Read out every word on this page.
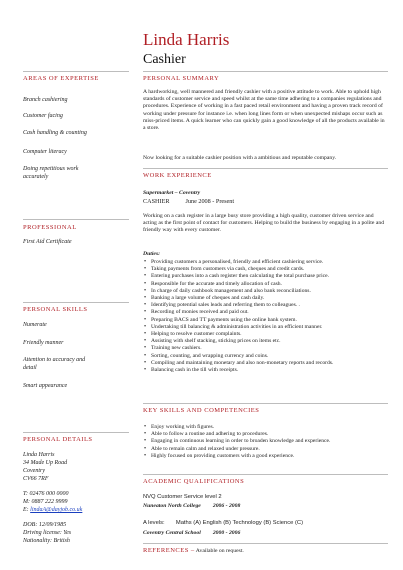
Linda Harris
Cashier
AREAS OF EXPERTISE
Branch cashiering
Customer facing
Cash handling & counting
Computer literacy
Doing repetitious work accurately
PROFESSIONAL
First Aid Certificate
PERSONAL SKILLS
Numerate
Friendly manner
Attention to accuracy and detail
Smart appearance
PERSONAL DETAILS
Linda Harris
34 Made Up Road
Coventry
CV66 7RF
T: 02476 000 0000
M: 0887 222 9999
E: lindaA@dayjob.co.uk
DOB: 12/09/1985
Driving license: Yes
Nationality: British
PERSONAL SUMMARY
A hardworking, well mannered and friendly cashier with a positive attitude to work. Able to uphold high standards of customer service and speed whilst at the same time adhering to a companies regulations and procedures. Experience of working in a fast paced retail environment and having a proven track record of working under pressure for instance i.e. when long lines form or when unexpected mishaps occur such as miss-priced items. A quick learner who can quickly gain a good knowledge of all the products available in a store.
Now looking for a suitable cashier position with a ambitious and reputable company.
WORK EXPERIENCE
Supermarket – Coventry
CASHIER	June 2008 - Present
Working on a cash register in a large busy store providing a high quality, customer driven service and acting as the first point of contact for customers. Helping to build the business by engaging in a polite and friendly way with every customer.
Duties:
• Providing customers a personalised, friendly and efficient cashiering service.
• Taking payments from customers via cash, cheques and credit cards.
• Entering purchases into a cash register then calculating the total purchase price.
• Responsible for the accurate and timely allocation of cash.
• In charge of daily cashbook management and also bank reconciliations.
• Banking a large volume of cheques and cash daily.
• Identifying potential sales leads and referring them to colleagues. .
• Recording of monies received and paid out.
• Preparing BACS and TT payments using the online bank system.
• Undertaking till balancing & administration activities in an efficient manner.
• Helping to resolve customer complaints.
• Assisting with shelf stacking, sticking prices on items etc.
• Training new cashiers.
• Sorting, counting, and wrapping currency and coins.
• Compiling and maintaining monetary and also non-monetary reports and records.
• Balancing cash in the till with receipts.
KEY SKILLS AND COMPETENCIES
• Enjoy working with figures.
• Able to follow a routine and adhering to procedures.
• Engaging in continuous learning in order to broaden knowledge and experience.
• Able to remain calm and relaxed under pressure.
• Highly focused on providing customers with a good experience.
ACADEMIC QUALIFICATIONS
NVQ Customer Service level 2
Nuneaton North College 2006 - 2008
A levels:       Maths (A) English (B) Technology (B) Science (C)
Coventry Central School 2000 - 2006
REFERENCES – Available on request.
